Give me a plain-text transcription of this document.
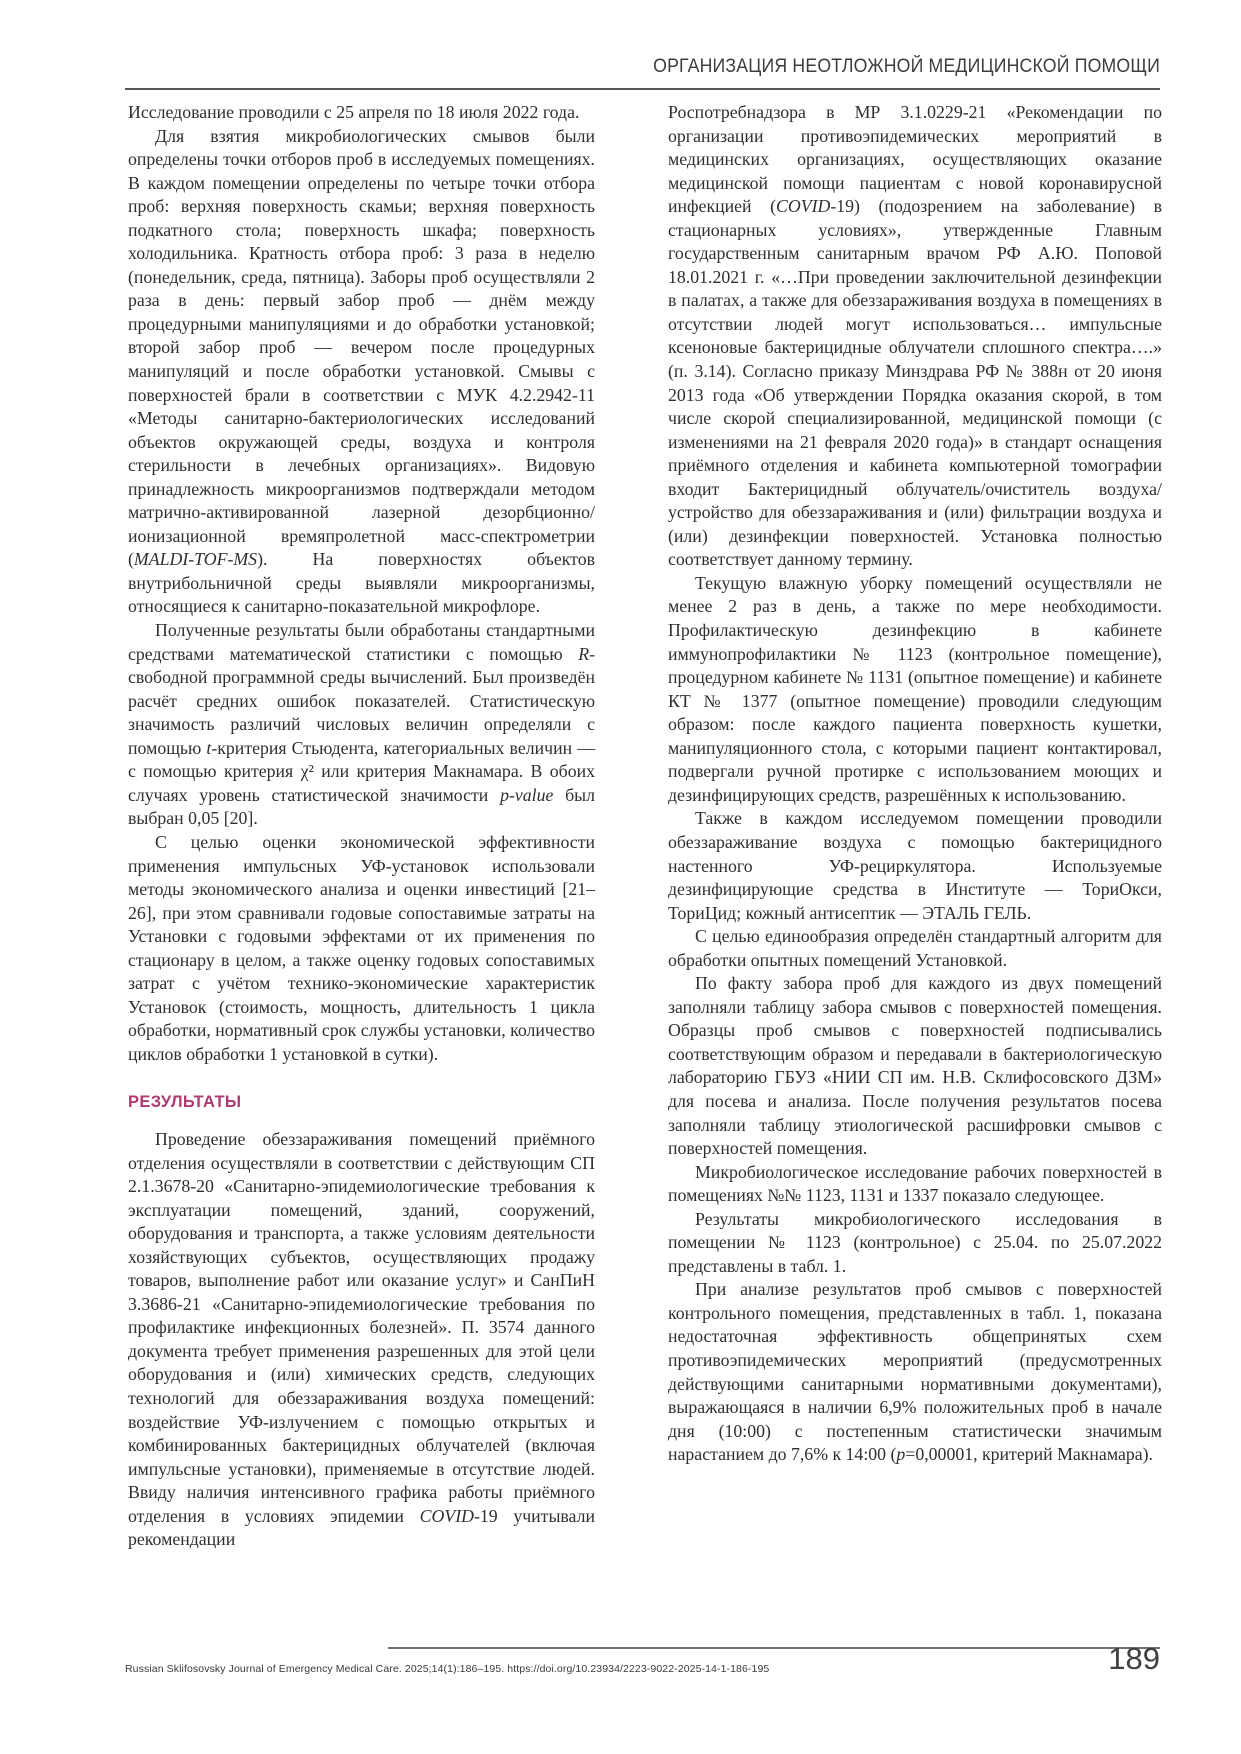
ОРГАНИЗАЦИЯ НЕОТЛОЖНОЙ МЕДИЦИНСКОЙ ПОМОЩИ

Исследование проводили с 25 апреля по 18 июля 2022 года.

Для взятия микробиологических смывов были определены точки отборов проб в исследуемых помещениях. В каждом помещении определены по четыре точки отбора проб: верхняя поверхность скамьи; верхняя поверхность подкатного стола; поверхность шкафа; поверхность холодильника. Кратность отбора проб: 3 раза в неделю (понедельник, среда, пятница). Заборы проб осуществляли 2 раза в день: первый забор проб — днём между процедурными манипуляциями и до обработки установкой; второй забор проб — вечером после процедурных манипуляций и после обработки установкой. Смывы с поверхностей брали в соответствии с МУК 4.2.2942-11 «Методы санитарно-бактериологических исследований объектов окружающей среды, воздуха и контроля стерильности в лечебных организациях». Видовую принадлежность микроорганизмов подтверждали методом матрично-активированной лазерной дезорбционно/ионизационной времяпролетной масс-спектрометрии (MALDI-TOF-MS). На поверхностях объектов внутрибольничной среды выявляли микроорганизмы, относящиеся к санитарно-показательной микрофлоре.

Полученные результаты были обработаны стандартными средствами математической статистики с помощью R-свободной программной среды вычислений. Был произведён расчёт средних ошибок показателей. Статистическую значимость различий числовых величин определяли с помощью t-критерия Стьюдента, категориальных величин — с помощью критерия χ² или критерия Макнамара. В обоих случаях уровень статистической значимости p-value был выбран 0,05 [20].

С целью оценки экономической эффективности применения импульсных УФ-установок использовали методы экономического анализа и оценки инвестиций [21–26], при этом сравнивали годовые сопоставимые затраты на Установки с годовыми эффектами от их применения по стационару в целом, а также оценку годовых сопоставимых затрат с учётом технико-экономические характеристик Установок (стоимость, мощность, длительность 1 цикла обработки, нормативный срок службы установки, количество циклов обработки 1 установкой в сутки).

РЕЗУЛЬТАТЫ

Проведение обеззараживания помещений приёмного отделения осуществляли в соответствии с действующим СП 2.1.3678-20 «Санитарно-эпидемиологические требования к эксплуатации помещений, зданий, сооружений, оборудования и транспорта, а также условиям деятельности хозяйствующих субъектов, осуществляющих продажу товаров, выполнение работ или оказание услуг» и СанПиН 3.3686-21 «Санитарно-эпидемиологические требования по профилактике инфекционных болезней». П. 3574 данного документа требует применения разрешенных для этой цели оборудования и (или) химических средств, следующих технологий для обеззараживания воздуха помещений: воздействие УФ-излучением с помощью открытых и комбинированных бактерицидных облучателей (включая импульсные установки), применяемые в отсутствие людей. Ввиду наличия интенсивного графика работы приёмного отделения в условиях эпидемии COVID-19 учитывали рекомендации

Роспотребнадзора в МР 3.1.0229-21 «Рекомендации по организации противоэпидемических мероприятий в медицинских организациях, осуществляющих оказание медицинской помощи пациентам с новой коронавирусной инфекцией (COVID-19) (подозрением на заболевание) в стационарных условиях», утвержденные Главным государственным санитарным врачом РФ А.Ю. Поповой 18.01.2021 г. «…При проведении заключительной дезинфекции в палатах, а также для обеззараживания воздуха в помещениях в отсутствии людей могут использоваться… импульсные ксеноновые бактерицидные облучатели сплошного спектра….» (п. 3.14). Согласно приказу Минздрава РФ № 388н от 20 июня 2013 года «Об утверждении Порядка оказания скорой, в том числе скорой специализированной, медицинской помощи (с изменениями на 21 февраля 2020 года)» в стандарт оснащения приёмного отделения и кабинета компьютерной томографии входит Бактерицидный облучатель/очиститель воздуха/устройство для обеззараживания и (или) фильтрации воздуха и (или) дезинфекции поверхностей. Установка полностью соответствует данному термину.

Текущую влажную уборку помещений осуществляли не менее 2 раз в день, а также по мере необходимости. Профилактическую дезинфекцию в кабинете иммунопрофилактики № 1123 (контрольное помещение), процедурном кабинете № 1131 (опытное помещение) и кабинете КТ № 1377 (опытное помещение) проводили следующим образом: после каждого пациента поверхность кушетки, манипуляционного стола, с которыми пациент контактировал, подвергали ручной протирке с использованием моющих и дезинфицирующих средств, разрешённых к использованию.

Также в каждом исследуемом помещении проводили обеззараживание воздуха с помощью бактерицидного настенного УФ-рециркулятора. Используемые дезинфицирующие средства в Институте — ТориОкси, ТориЦид; кожный антисептик — ЭТАЛЬ ГЕЛЬ.

С целью единообразия определён стандартный алгоритм для обработки опытных помещений Установкой.

По факту забора проб для каждого из двух помещений заполняли таблицу забора смывов с поверхностей помещения. Образцы проб смывов с поверхностей подписывались соответствующим образом и передавали в бактериологическую лабораторию ГБУЗ «НИИ СП им. Н.В. Склифосовского ДЗМ» для посева и анализа. После получения результатов посева заполняли таблицу этиологической расшифровки смывов с поверхностей помещения.

Микробиологическое исследование рабочих поверхностей в помещениях №№ 1123, 1131 и 1337 показало следующее.

Результаты микробиологического исследования в помещении № 1123 (контрольное) с 25.04. по 25.07.2022 представлены в табл. 1.

При анализе результатов проб смывов с поверхностей контрольного помещения, представленных в табл. 1, показана недостаточная эффективность общепринятых схем противоэпидемических мероприятий (предусмотренных действующими санитарными нормативными документами), выражающаяся в наличии 6,9% положительных проб в начале дня (10:00) с постепенным статистически значимым нарастанием до 7,6% к 14:00 (p=0,00001, критерий Макнамара).

Russian Sklifosovsky Journal of Emergency Medical Care. 2025;14(1):186–195. https://doi.org/10.23934/2223-9022-2025-14-1-186-195	189
